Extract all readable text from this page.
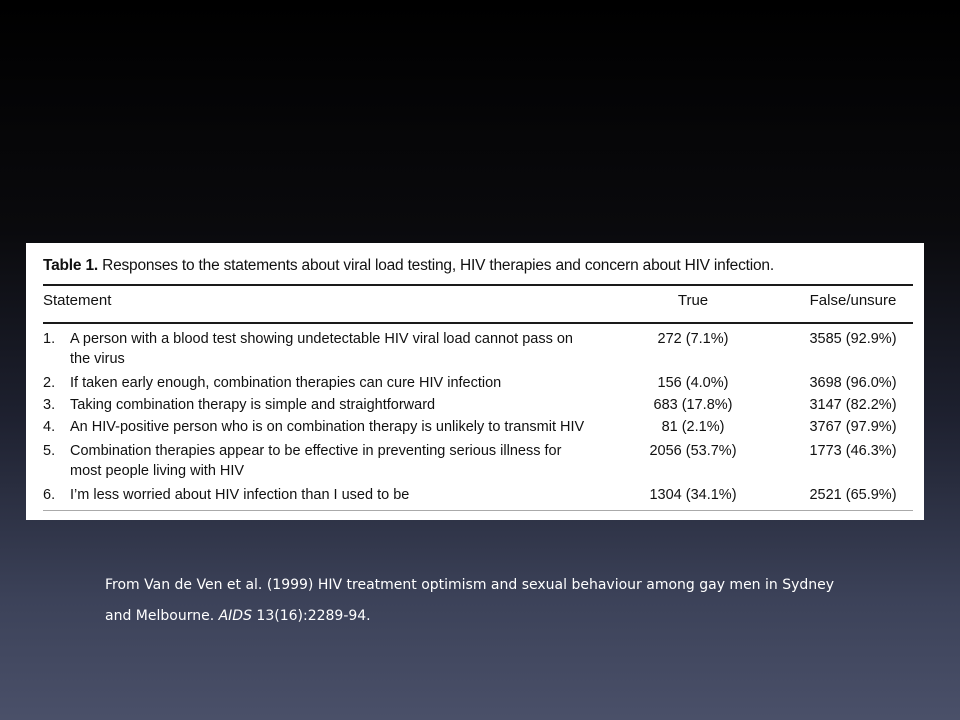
Table 1. Responses to the statements about viral load testing, HIV therapies and concern about HIV infection.
Statement	True	False/unsure
1. A person with a blood test showing undetectable HIV viral load cannot pass on
the virus
272 (7.1%)	3585 (92.9%)
2. If taken early enough, combination therapies can cure HIV infection	156 (4.0%)	3698 (96.0%)
3. Taking combination therapy is simple and straightforward	683 (17.8%)	3147 (82.2%)
4. An HIV-positive person who is on combination therapy is unlikely to transmit HIV	81 (2.1%)	3767 (97.9%)
5. Combination therapies appear to be effective in preventing serious illness for
most people living with HIV
2056 (53.7%)	1773 (46.3%)
6. I’m less worried about HIV infection than I used to be	1304 (34.1%)	2521 (65.9%)
From Van de Ven et al. (1999) HIV treatment optimism and sexual behaviour among gay men in Sydney
and Melbourne. AIDS 13(16):2289-94.
